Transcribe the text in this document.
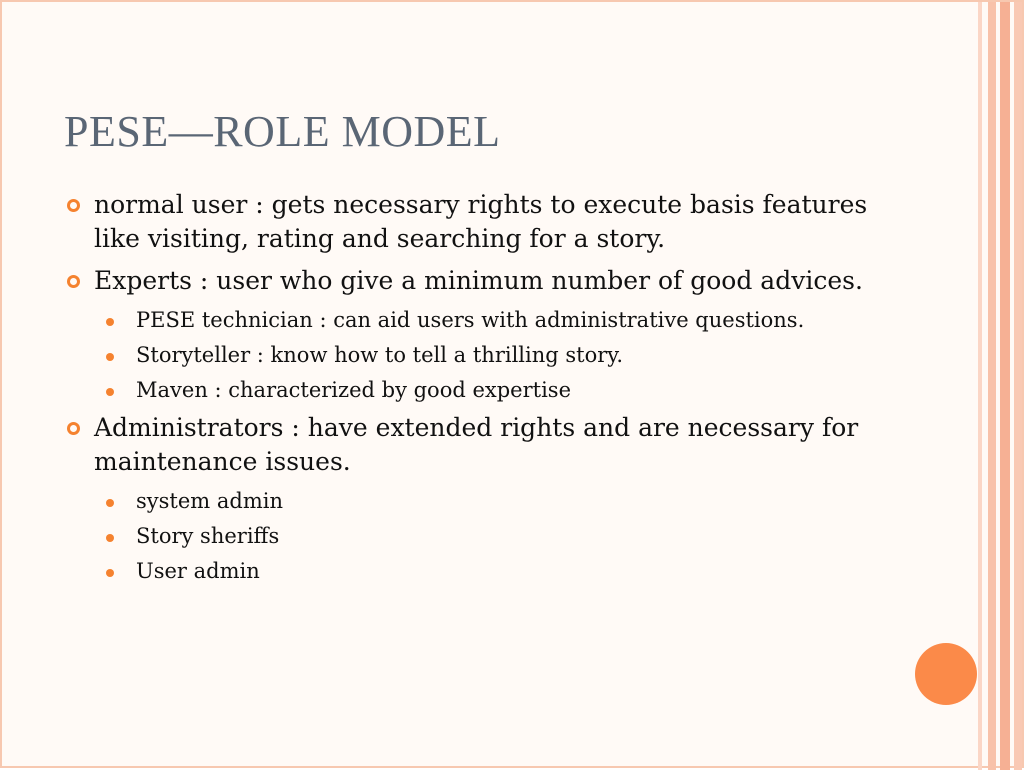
PESE—ROLE MODEL
normal user : gets necessary rights to execute basis features like visiting, rating and searching for a story.
Experts : user who give a minimum number of good advices.
PESE technician : can aid users with administrative questions.
Storyteller : know how to tell a thrilling story.
Maven : characterized by good expertise
Administrators : have extended rights and are necessary for maintenance issues.
system admin
Story sheriffs
User admin
